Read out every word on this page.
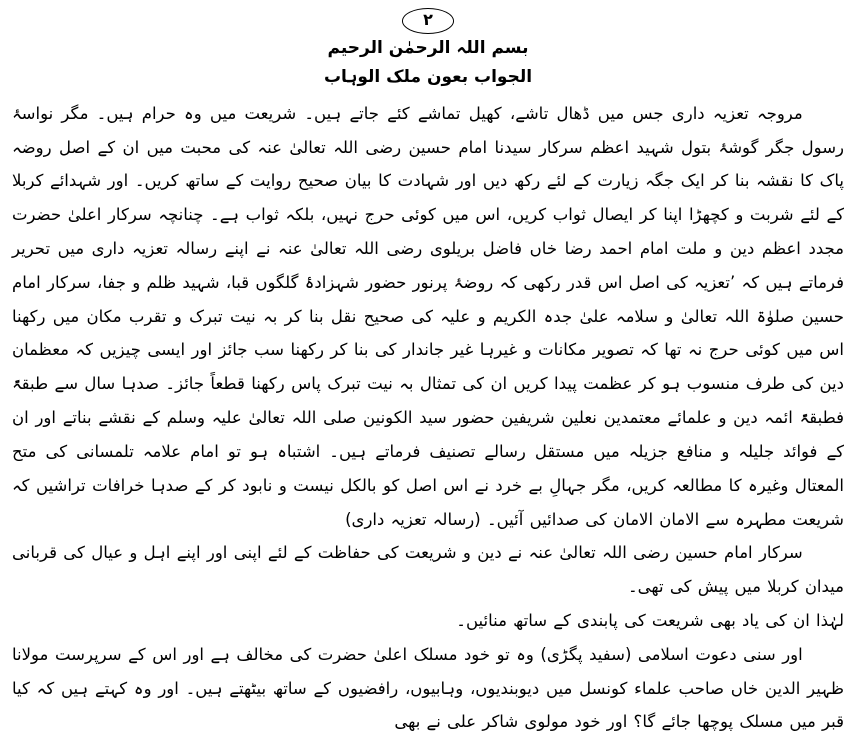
۲
بسم اللہ الرحمٰن الرحیم
الجواب بعون ملک الوہاب

مروجہ تعزیہ داری جس میں ڈھال تاشے، کھیل تماشے کئے جاتے ہیں۔ شریعت میں وہ حرام ہیں۔ مگر نواسۂ رسول جگر گوشۂ بتول شہید اعظم سرکار سیدنا امام حسین رضی اللہ تعالیٰ عنہ کی محبت میں ان کے اصل روضہ پاک کا نقشہ بنا کر ایک جگہ زیارت کے لئے رکھ دیں اور شہادت کا بیان صحیح روایت کے ساتھ کریں۔ اور شہدائے کربلا کے لئے شربت و کچھڑا اپنا کر ایصال ثواب کریں، اس میں کوئی حرج نہیں، بلکہ ثواب ہے۔ چنانچہ سرکار اعلیٰ حضرت مجدد اعظم دین و ملت امام احمد رضا خاں فاضل بریلوی رضی اللہ تعالیٰ عنہ نے اپنے رسالہ تعزیہ داری میں تحریر فرماتے ہیں کہ ’تعزیہ کی اصل اس قدر رکھی کہ روضۂ پرنور حضور شہزادۂ گلگوں قبا، شہید ظلم و جفا، سرکار امام حسین صلوٰۃ اللہ تعالیٰ و سلامہ علیٰ جدہ الکریم و علیہ کی صحیح نقل بنا کر بہ نیت تبرک و تقرب مکان میں رکھنا اس میں کوئی حرج نہ تھا کہ تصویر مکانات و غیرہا غیر جاندار کی بنا کر رکھنا سب جائز اور ایسی چیزیں کہ معظمان دین کی طرف منسوب ہو کر عظمت پیدا کریں ان کی تمثال بہ نیت تبرک پاس رکھنا قطعاً جائز۔ صدہا سال سے طبقۃً فطبقۃً ائمہ دین و علمائے معتمدین نعلین شریفین حضور سید الکونین صلی اللہ تعالیٰ علیہ وسلم کے نقشے بناتے اور ان کے فوائد جلیلہ و منافع جزیلہ میں مستقل رسالے تصنیف فرماتے ہیں۔ اشتباہ ہو تو امام علامہ تلمسانی کی متح المعتال وغیرہ کا مطالعہ کریں، مگر جہالِ بے خرد نے اس اصل کو بالکل نیست و نابود کر کے صدہا خرافات تراشیں کہ شریعت مطہرہ سے الامان الامان کی صدائیں آئیں۔ (رسالہ تعزیہ داری)

سرکار امام حسین رضی اللہ تعالیٰ عنہ نے دین و شریعت کی حفاظت کے لئے اپنی اور اپنے اہل و عیال کی قربانی میدان کربلا میں پیش کی تھی۔

لہٰذا ان کی یاد بھی شریعت کی پابندی کے ساتھ منائیں۔

اور سنی دعوت اسلامی (سفید پگڑی) وہ تو خود مسلک اعلیٰ حضرت کی مخالف ہے اور اس کے سرپرست مولانا ظہیر الدین خاں صاحب علماء کونسل میں دیوبندیوں، وہابیوں، رافضیوں کے ساتھ بیٹھتے ہیں۔ اور وہ کہتے ہیں کہ کیا قبر میں مسلک پوچھا جائے گا؟ اور خود مولوی شاکر علی نے بھی
